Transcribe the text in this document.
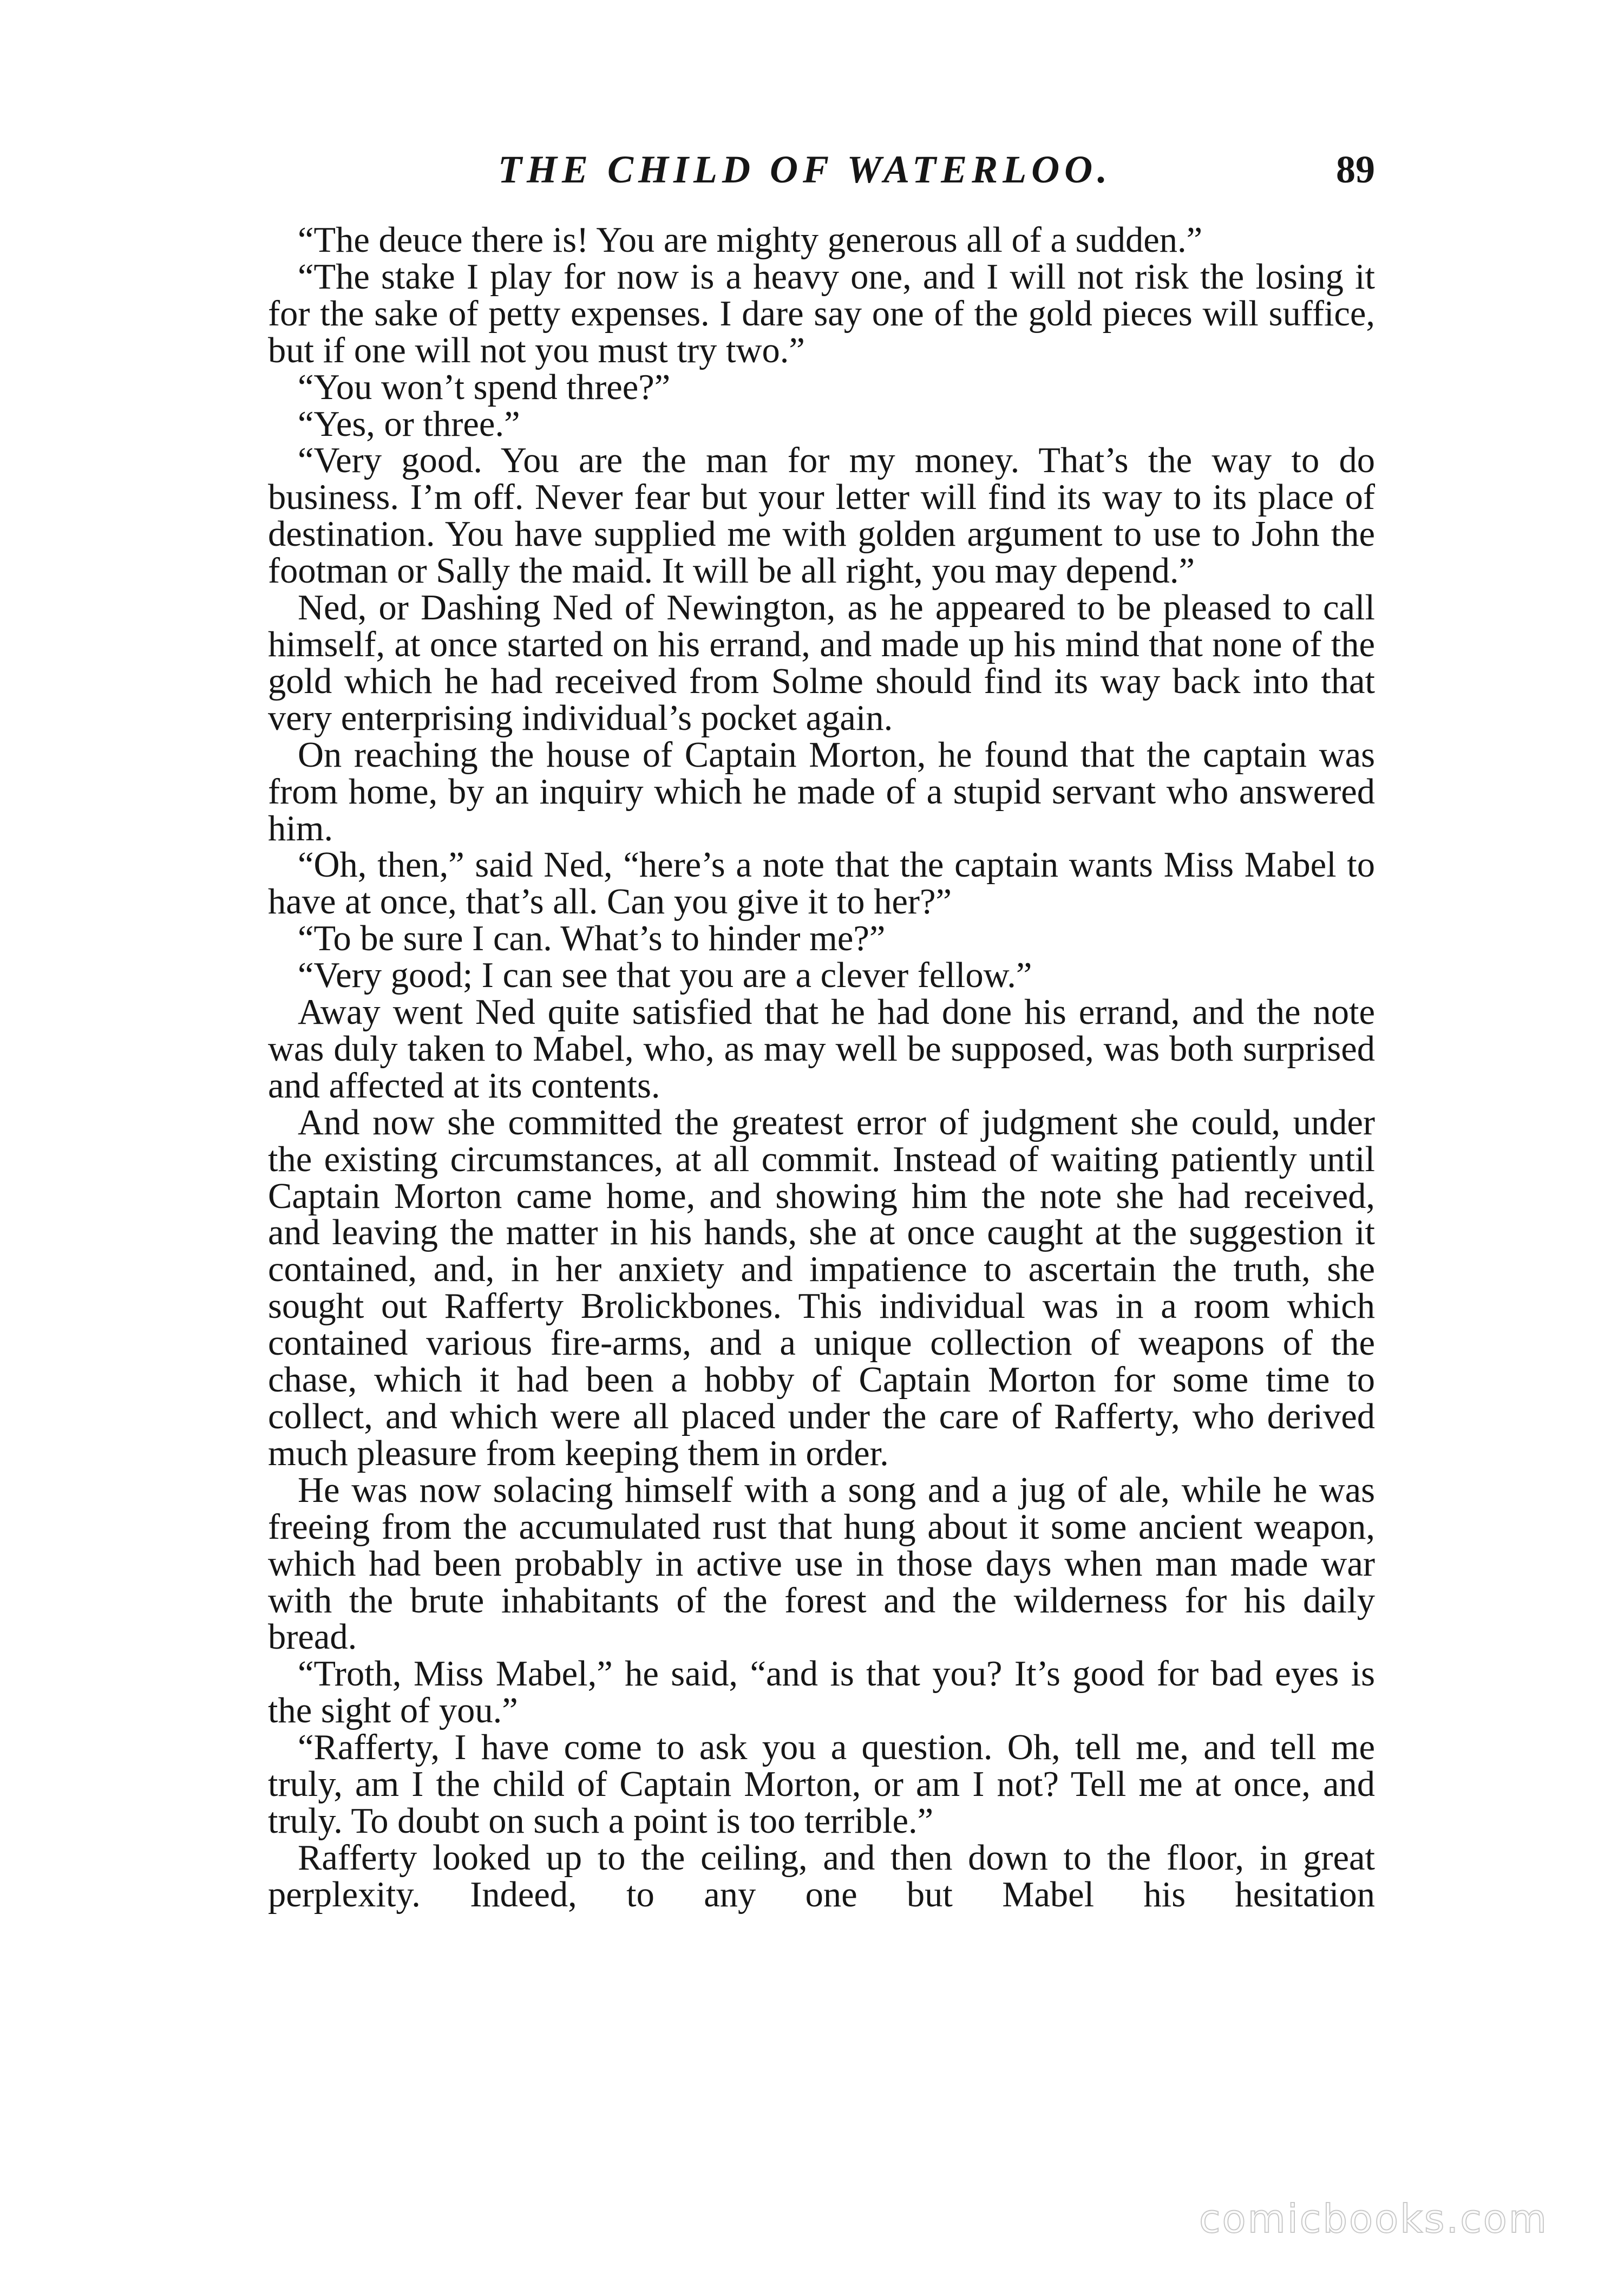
THE CHILD OF WATERLOO.	89

“The deuce there is! You are mighty generous all of a sudden.”

“The stake I play for now is a heavy one, and I will not risk the losing it for the sake of petty expenses. I dare say one of the gold pieces will suffice, but if one will not you must try two.”

“You won’t spend three?”

“Yes, or three.”

“Very good. You are the man for my money. That’s the way to do business. I’m off. Never fear but your letter will find its way to its place of destination. You have supplied me with golden argument to use to John the footman or Sally the maid. It will be all right, you may depend.”

Ned, or Dashing Ned of Newington, as he appeared to be pleased to call himself, at once started on his errand, and made up his mind that none of the gold which he had received from Solme should find its way back into that very enterprising individual’s pocket again.

On reaching the house of Captain Morton, he found that the captain was from home, by an inquiry which he made of a stupid servant who answered him.

“Oh, then,” said Ned, “here’s a note that the captain wants Miss Mabel to have at once, that’s all. Can you give it to her?”

“To be sure I can. What’s to hinder me?”

“Very good; I can see that you are a clever fellow.”

Away went Ned quite satisfied that he had done his errand, and the note was duly taken to Mabel, who, as may well be supposed, was both surprised and affected at its contents.

And now she committed the greatest error of judgment she could, under the existing circumstances, at all commit. Instead of waiting patiently until Captain Morton came home, and showing him the note she had received, and leaving the matter in his hands, she at once caught at the suggestion it contained, and, in her anxiety and impatience to ascertain the truth, she sought out Rafferty Brolickbones. This individual was in a room which contained various fire-arms, and a unique collection of weapons of the chase, which it had been a hobby of Captain Morton for some time to collect, and which were all placed under the care of Rafferty, who derived much pleasure from keeping them in order.

He was now solacing himself with a song and a jug of ale, while he was freeing from the accumulated rust that hung about it some ancient weapon, which had been probably in active use in those days when man made war with the brute inhabitants of the forest and the wilderness for his daily bread.

“Troth, Miss Mabel,” he said, “and is that you? It’s good for bad eyes is the sight of you.”

“Rafferty, I have come to ask you a question. Oh, tell me, and tell me truly, am I the child of Captain Morton, or am I not? Tell me at once, and truly. To doubt on such a point is too terrible.”

Rafferty looked up to the ceiling, and then down to the floor, in great perplexity. Indeed, to any one but Mabel his hesitation

comicbooks.com
